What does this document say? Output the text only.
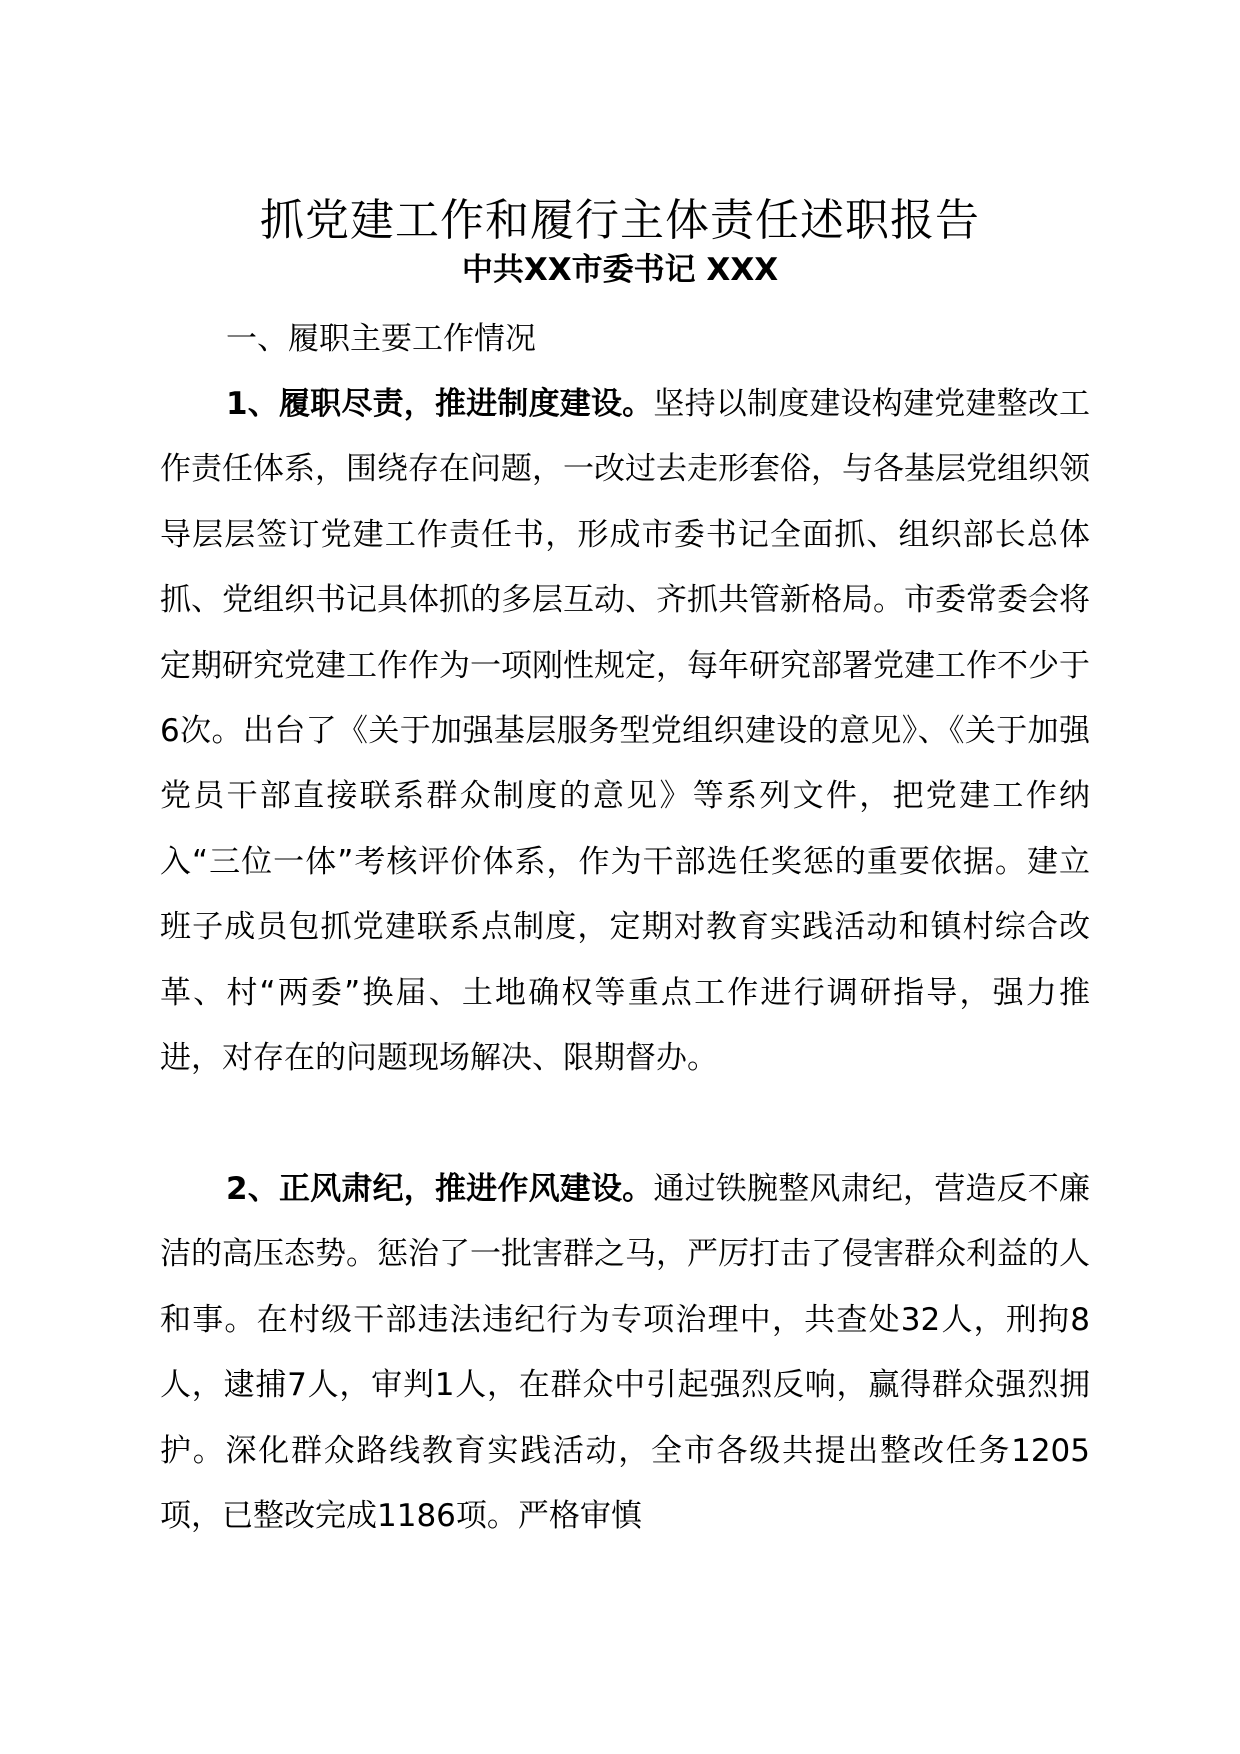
抓党建工作和履行主体责任述职报告
中共XX市委书记 XXX
一、履职主要工作情况

1、履职尽责，推进制度建设。坚持以制度建设构建党建整改工作责任体系，围绕存在问题，一改过去走形套俗，与各基层党组织领导层层签订党建工作责任书，形成市委书记全面抓、组织部长总体抓、党组织书记具体抓的多层互动、齐抓共管新格局。市委常委会将定期研究党建工作作为一项刚性规定，每年研究部署党建工作不少于6次。出台了《关于加强基层服务型党组织建设的意见》、《关于加强党员干部直接联系群众制度的意见》等系列文件，把党建工作纳入“三位一体”考核评价体系，作为干部选任奖惩的重要依据。建立班子成员包抓党建联系点制度，定期对教育实践活动和镇村综合改革、村“两委”换届、土地确权等重点工作进行调研指导，强力推进，对存在的问题现场解决、限期督办。

2、正风肃纪，推进作风建设。通过铁腕整风肃纪，营造反不廉洁的高压态势。惩治了一批害群之马，严厉打击了侵害群众利益的人和事。在村级干部违法违纪行为专项治理中，共查处32人，刑拘8人，逮捕7人，审判1人，在群众中引起强烈反响，赢得群众强烈拥护。深化群众路线教育实践活动，全市各级共提出整改任务1205项，已整改完成1186项。严格审慎
